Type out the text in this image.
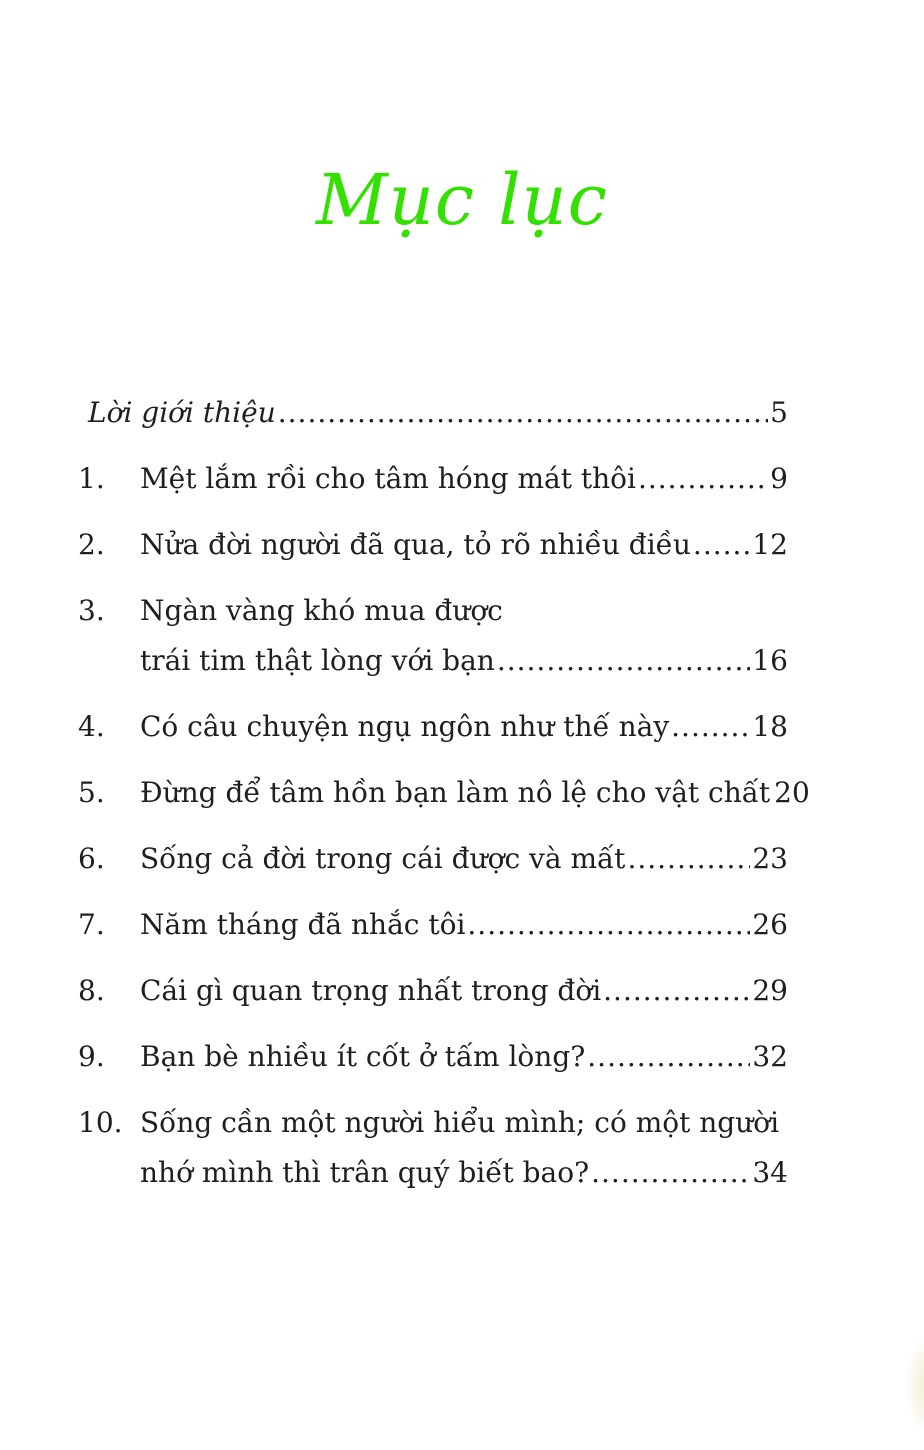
Mục lục
Lời giới thiệu .....	5
1.	Mệt lắm rồi cho tâm hóng mát thôi .....	9
2.	Nửa đời người đã qua, tỏ rõ nhiều điều ..... 12
3.	Ngàn vàng khó mua được
trái tim thật lòng với bạn .....	16
4.	Có câu chuyện ngụ ngôn như thế này .....	18
5.	Đừng để tâm hồn bạn làm nô lệ cho vật chất 20
6.	Sống cả đời trong cái được và mất .....	23
7.	Năm tháng đã nhắc tôi .....	26
8.	Cái gì quan trọng nhất trong đời .....	29
9.	Bạn bè nhiều ít cốt ở tấm lòng? .....	32
10. Sống cần một người hiểu mình; có một người
nhớ mình thì trân quý biết bao? .....	34
